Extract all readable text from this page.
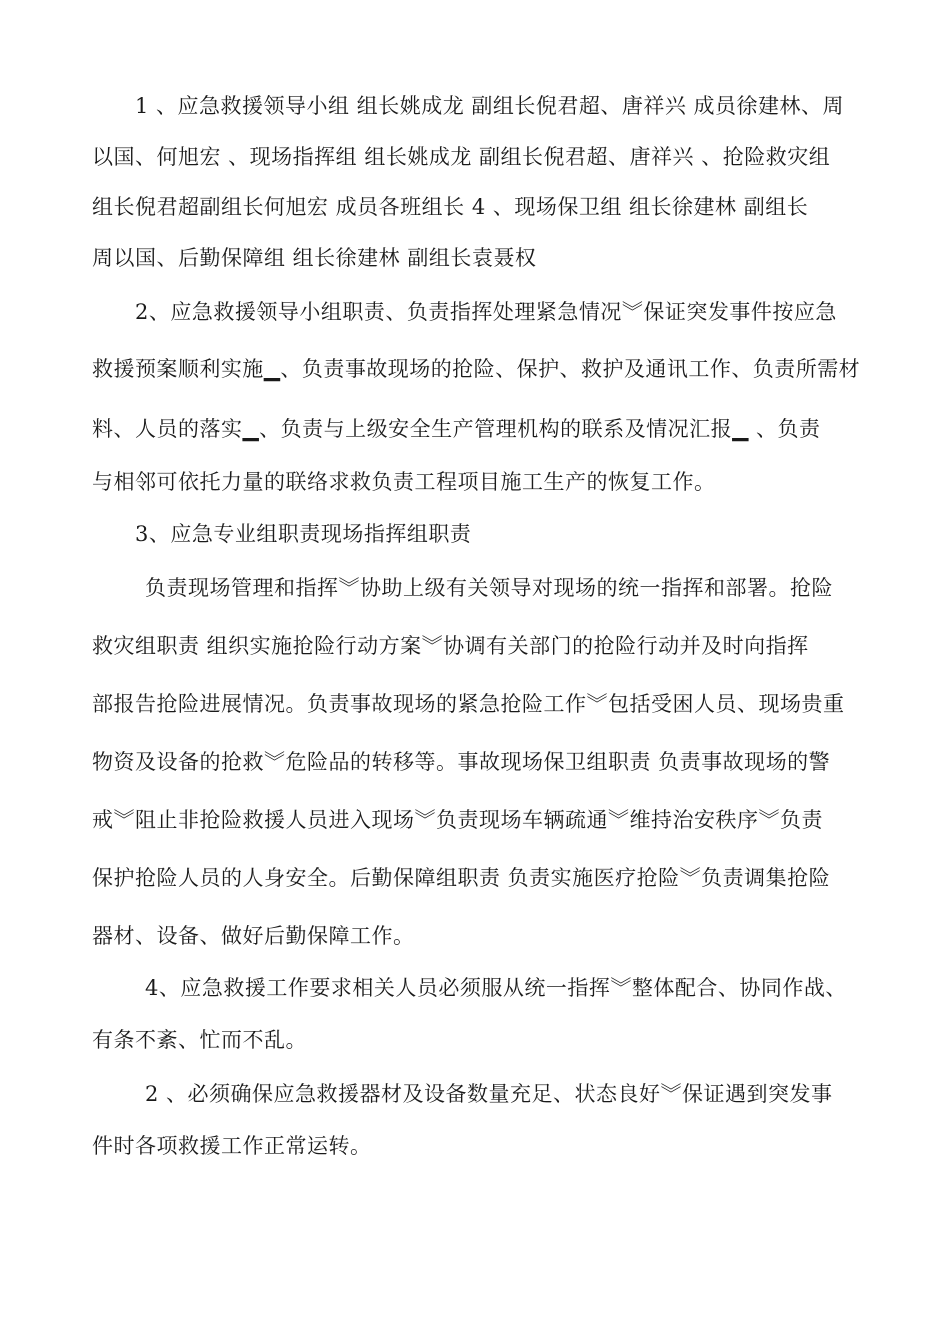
1 、应急救援领导小组 组长姚成龙 副组长倪君超、唐祥兴 成员徐建林、周
以国、何旭宏 、现场指挥组 组长姚成龙 副组长倪君超、唐祥兴 、抢险救灾组
组长倪君超副组长何旭宏 成员各班组长 4 、现场保卫组 组长徐建林 副组长
周以国、后勤保障组 组长徐建林 副组长袁聂权
2、应急救援领导小组职责、负责指挥处理紧急情况︾保证突发事件按应急
救援预案顺利实施▁、负责事故现场的抢险、保护、救护及通讯工作、负责所需材
料、人员的落实▁、负责与上级安全生产管理机构的联系及情况汇报▁ 、负责
与相邻可依托力量的联络求救负责工程项目施工生产的恢复工作。
3、应急专业组职责现场指挥组职责
负责现场管理和指挥︾协助上级有关领导对现场的统一指挥和部署。抢险
救灾组职责 组织实施抢险行动方案︾协调有关部门的抢险行动并及时向指挥
部报告抢险进展情况。负责事故现场的紧急抢险工作︾包括受困人员、现场贵重
物资及设备的抢救︾危险品的转移等。事故现场保卫组职责 负责事故现场的警
戒︾阻止非抢险救援人员进入现场︾负责现场车辆疏通︾维持治安秩序︾负责
保护抢险人员的人身安全。后勤保障组职责 负责实施医疗抢险︾负责调集抢险
器材、设备、做好后勤保障工作。
4、应急救援工作要求相关人员必须服从统一指挥︾整体配合、协同作战、
有条不紊、忙而不乱。
2 、必须确保应急救援器材及设备数量充足、状态良好︾保证遇到突发事
件时各项救援工作正常运转。
